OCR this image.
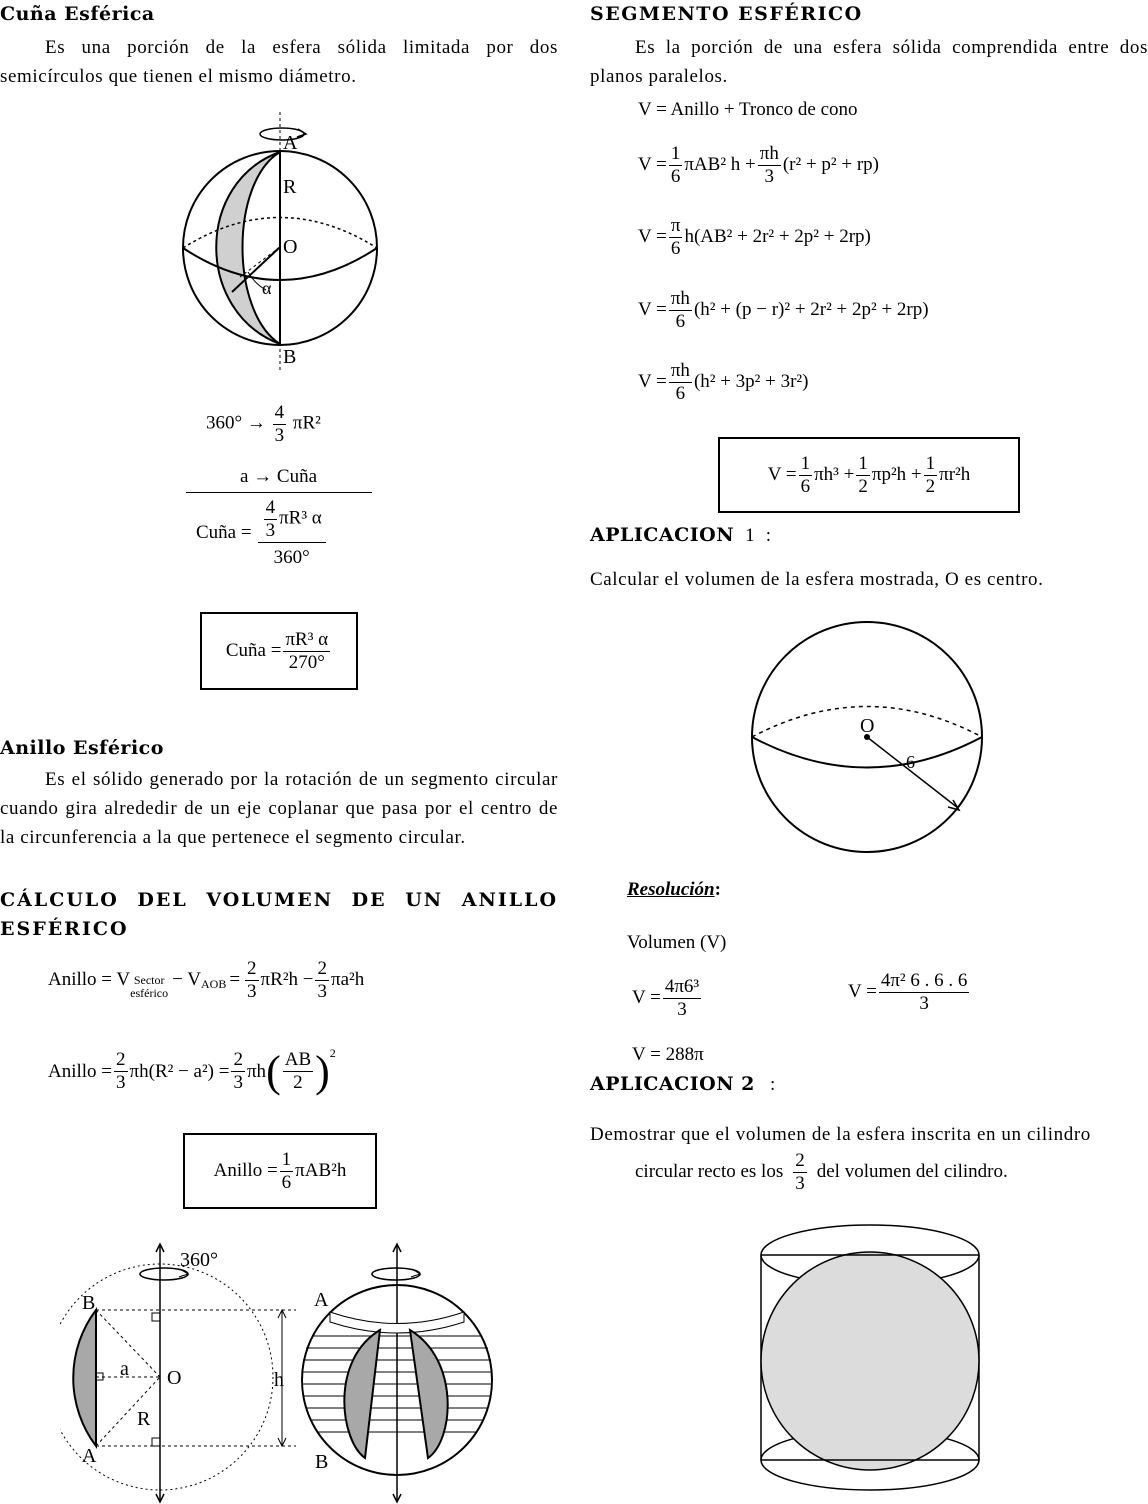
Cuña Esférica
Es una porción de la esfera sólida limitada por dos semicírculos que tienen el mismo diámetro.
A
R
O
α
B
$360^\circ \to \frac{4}{3} \pi R^2$
a → Cuña
Cuña = $\frac{\frac{4}{3} \pi R^3 \alpha}{360^\circ}$
Cuña = $\frac{\text{πR³ α}}{270^\circ}$
Anillo Esférico
Es el sólido generado por la rotación de un segmento circular cuando gira alrededir de un eje coplanar que pasa por el centro de la circunferencia a la que pertenece el segmento circular.
CÁLCULO DEL VOLUMEN DE UN ANILLO ESFÉRICO
Anillo = V Sector
esférico
− $V_{AOB} = \frac{2}{3} \pi R^2h - \frac{2}{3} \pi a^2h$
Anillo = $\frac{2}{3} \pi h(R^2 - a^2) = \frac{2}{3}$ πh ( $\frac{AB}{2} )^2$
Anillo = $\frac{1}{6} \pi AB^2h$
360°
B
a O
R
A
h
A
B
SEGMENTO ESFÉRICO
Es la porción de una esfera sólida comprendida entre dos planos paralelos.
V = Anillo + Tronco de cono
$V = \frac{1}{6} \pi AB^2$ $h + \frac{\pi h}{3} (r^2 + p^2 + rp)$
$V = \frac{\pi}{6} h(AB^2 + 2r^2 + 2p^2 + 2rp)$
$V = \frac{\pi h}{6} (h^2 + (p - r)^2 + 2r^2 + 2p^2 + 2rp)$
$V = \frac{\pi h}{6} (h^2 + 3p^2 + 3r^2)$
$V = \frac{1}{6} \pi h^3 + \frac{1}{2} \pi p^2h + \frac{1}{2} \pi r^2h$
APLICACION 1 :
Calcular el volumen de la esfera mostrada, O es centro.
O
6
Resolución:
Volumen (V)
$V = \frac{\text{4π6³}}{3}$	$V = \frac{\text{4π² 6 . 6 . 6}}{3}$
V = 288π
APLICACION 2 :
Demostrar que el volumen de la esfera inscrita en un cilindro
circular recto es los $\frac{2}{3}$ del volumen del cilindro.
